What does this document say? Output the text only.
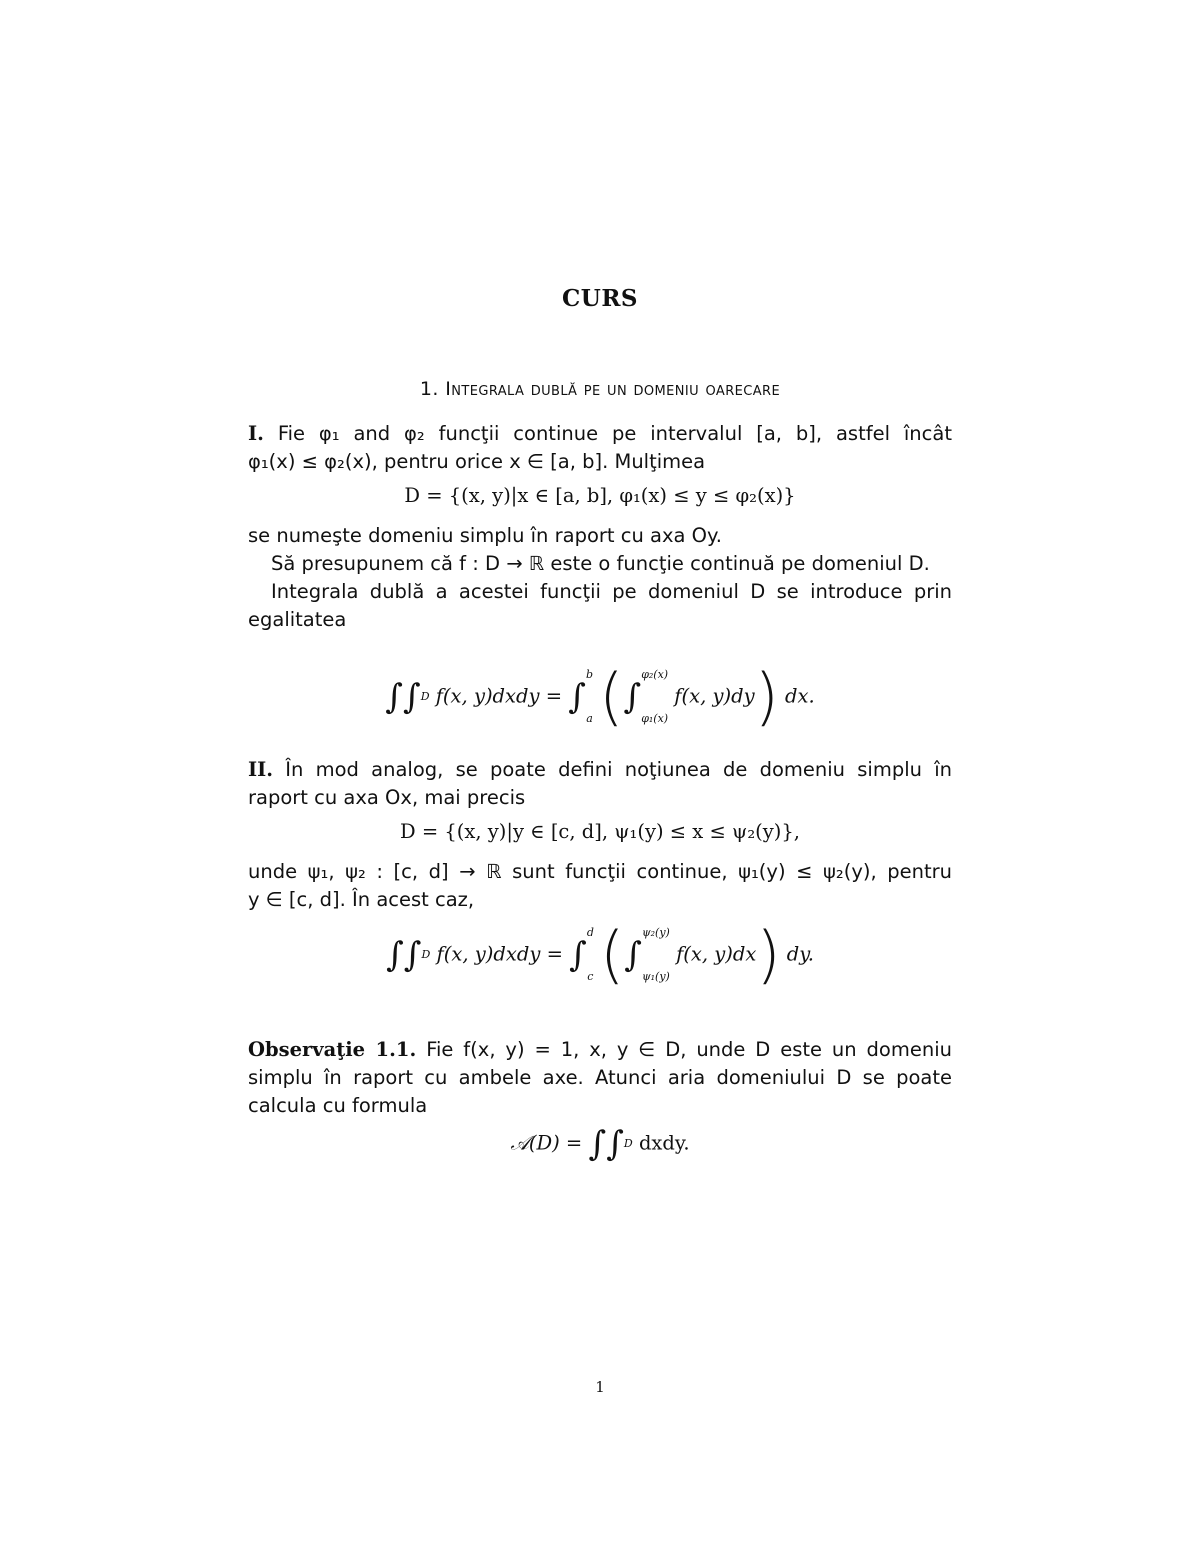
CURS
1. Integrala dublă pe un domeniu oarecare

I. Fie φ₁ and φ₂ funcţii continue pe intervalul [a, b], astfel încât

φ₁(x) ≤ φ₂(x), pentru orice x ∈ [a, b]. Mulţimea

D = {(x, y)|x ∈ [a, b], φ₁(x) ≤ y ≤ φ₂(x)}

se numeşte domeniu simplu în raport cu axa Oy.

Să presupunem că f : D → ℝ este o funcţie continuă pe domeniul D.

Integrala dublă a acestei funcţii pe domeniul D se introduce prin egalitatea

∫∫D f(x, y)dxdy = ∫b

a (∫φ₂(x)

φ₁(x) f(x, y)dy) dx.

II. În mod analog, se poate defini noţiunea de domeniu simplu în

raport cu axa Ox, mai precis

D = {(x, y)|y ∈ [c, d], ψ₁(y) ≤ x ≤ ψ₂(y)},

unde ψ₁, ψ₂ : [c, d] → ℝ sunt funcţii continue, ψ₁(y) ≤ ψ₂(y), pentru

y ∈ [c, d]. În acest caz,

∫∫D f(x, y)dxdy = ∫d

c (∫ψ₂(y)

ψ₁(y) f(x, y)dx) dy.

Observaţie 1.1. Fie f(x, y) = 1, x, y ∈ D, unde D este un domeniu

simplu în raport cu ambele axe. Atunci aria domeniului D se poate

calcula cu formula

𝒜(D) = ∫∫D dxdy.
1
